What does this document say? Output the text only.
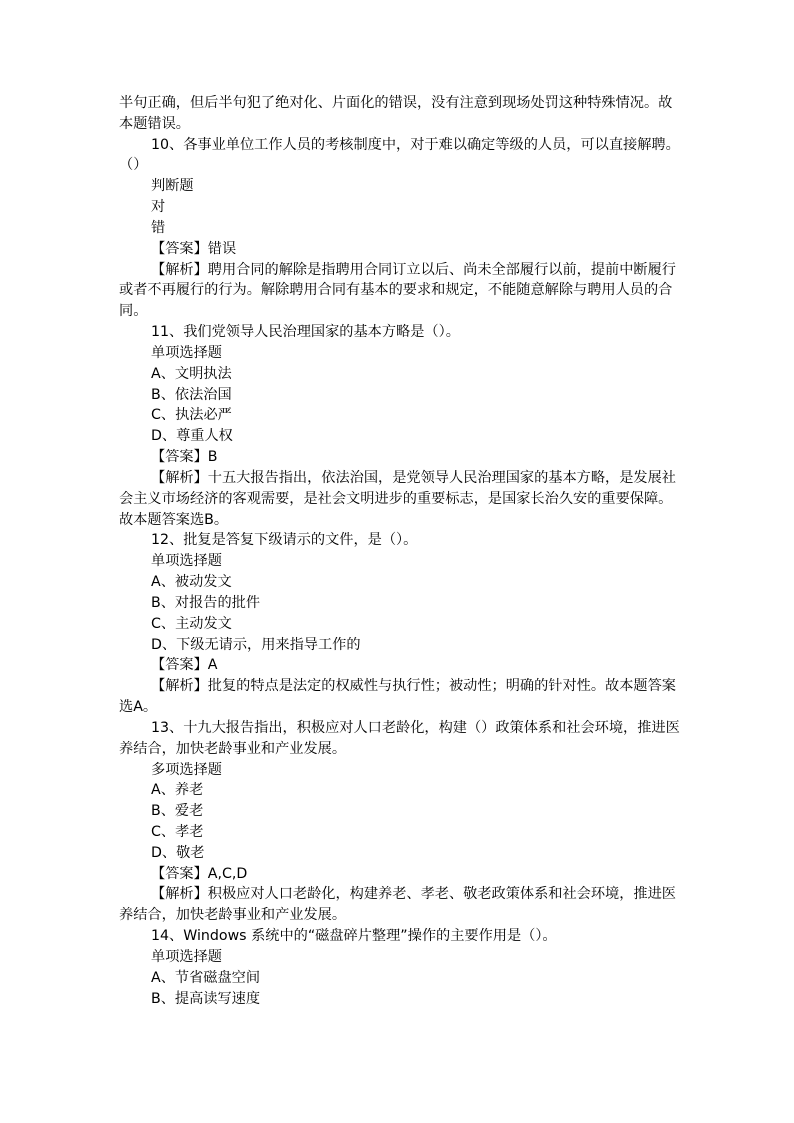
半句正确，但后半句犯了绝对化、片面化的错误，没有注意到现场处罚这种特殊情况。故
本题错误。
10、各事业单位工作人员的考核制度中，对于难以确定等级的人员，可以直接解聘。
（）
判断题
对
错
【答案】错误
【解析】聘用合同的解除是指聘用合同订立以后、尚未全部履行以前，提前中断履行
或者不再履行的行为。解除聘用合同有基本的要求和规定，不能随意解除与聘用人员的合
同。
11、我们党领导人民治理国家的基本方略是（）。
单项选择题
A、文明执法
B、依法治国
C、执法必严
D、尊重人权
【答案】B
【解析】十五大报告指出，依法治国，是党领导人民治理国家的基本方略，是发展社
会主义市场经济的客观需要，是社会文明进步的重要标志，是国家长治久安的重要保障。
故本题答案选B。
12、批复是答复下级请示的文件，是（）。
单项选择题
A、被动发文
B、对报告的批件
C、主动发文
D、下级无请示，用来指导工作的
【答案】A
【解析】批复的特点是法定的权威性与执行性；被动性；明确的针对性。故本题答案
选A。
13、十九大报告指出，积极应对人口老龄化，构建（）政策体系和社会环境，推进医
养结合，加快老龄事业和产业发展。
多项选择题
A、养老
B、爱老
C、孝老
D、敬老
【答案】A,C,D
【解析】积极应对人口老龄化，构建养老、孝老、敬老政策体系和社会环境，推进医
养结合，加快老龄事业和产业发展。
14、Windows 系统中的“磁盘碎片整理”操作的主要作用是（）。
单项选择题
A、节省磁盘空间
B、提高读写速度
